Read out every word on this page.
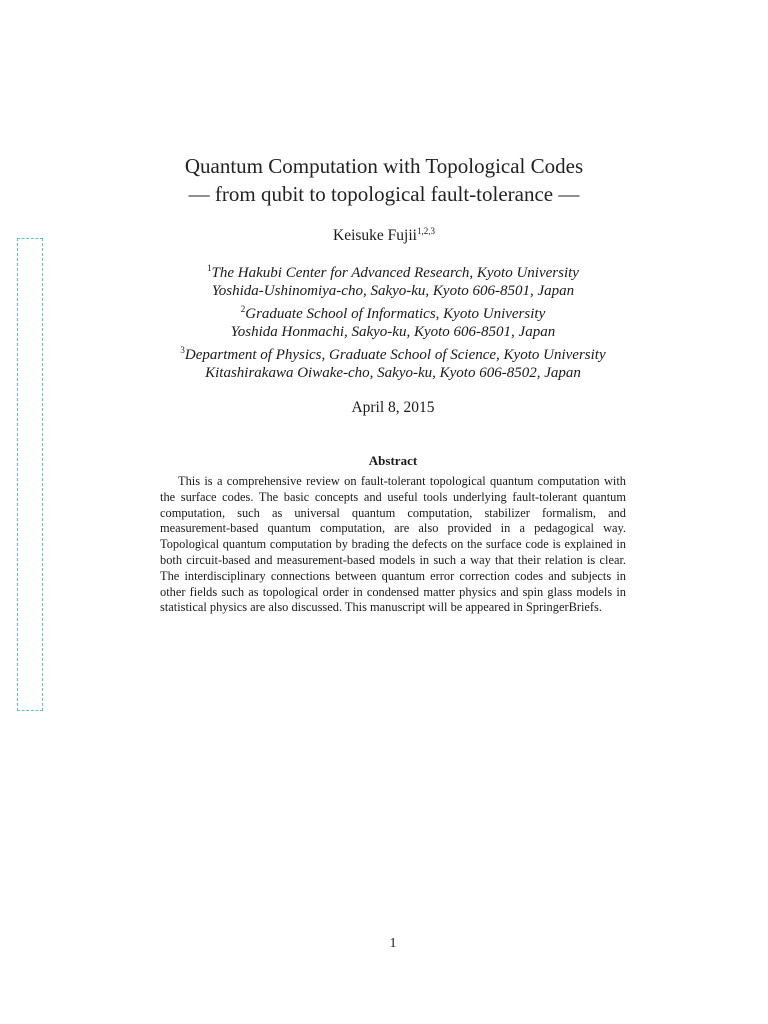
Quantum Computation with Topological Codes
— from qubit to topological fault-tolerance —
Keisuke Fujii$^{1,2,3}$
$^1$The Hakubi Center for Advanced Research, Kyoto University
Yoshida-Ushinomiya-cho, Sakyo-ku, Kyoto 606-8501, Japan
$^2$Graduate School of Informatics, Kyoto University
Yoshida Honmachi, Sakyo-ku, Kyoto 606-8501, Japan
$^3$Department of Physics, Graduate School of Science, Kyoto University
Kitashirakawa Oiwake-cho, Sakyo-ku, Kyoto 606-8502, Japan
April 8, 2015
Abstract
This is a comprehensive review on fault-tolerant topological quantum computation with the surface codes. The basic concepts and useful tools underlying fault-tolerant quantum computation, such as universal quantum computation, stabilizer formalism, and measurement-based quantum computation, are also provided in a pedagogical way. Topological quantum computation by brading the defects on the surface code is explained in both circuit-based and measurement-based models in such a way that their relation is clear. The interdisciplinary connections between quantum error correction codes and subjects in other fields such as topological order in condensed matter physics and spin glass models in statistical physics are also discussed. This manuscript will be appeared in SpringerBriefs.
1
